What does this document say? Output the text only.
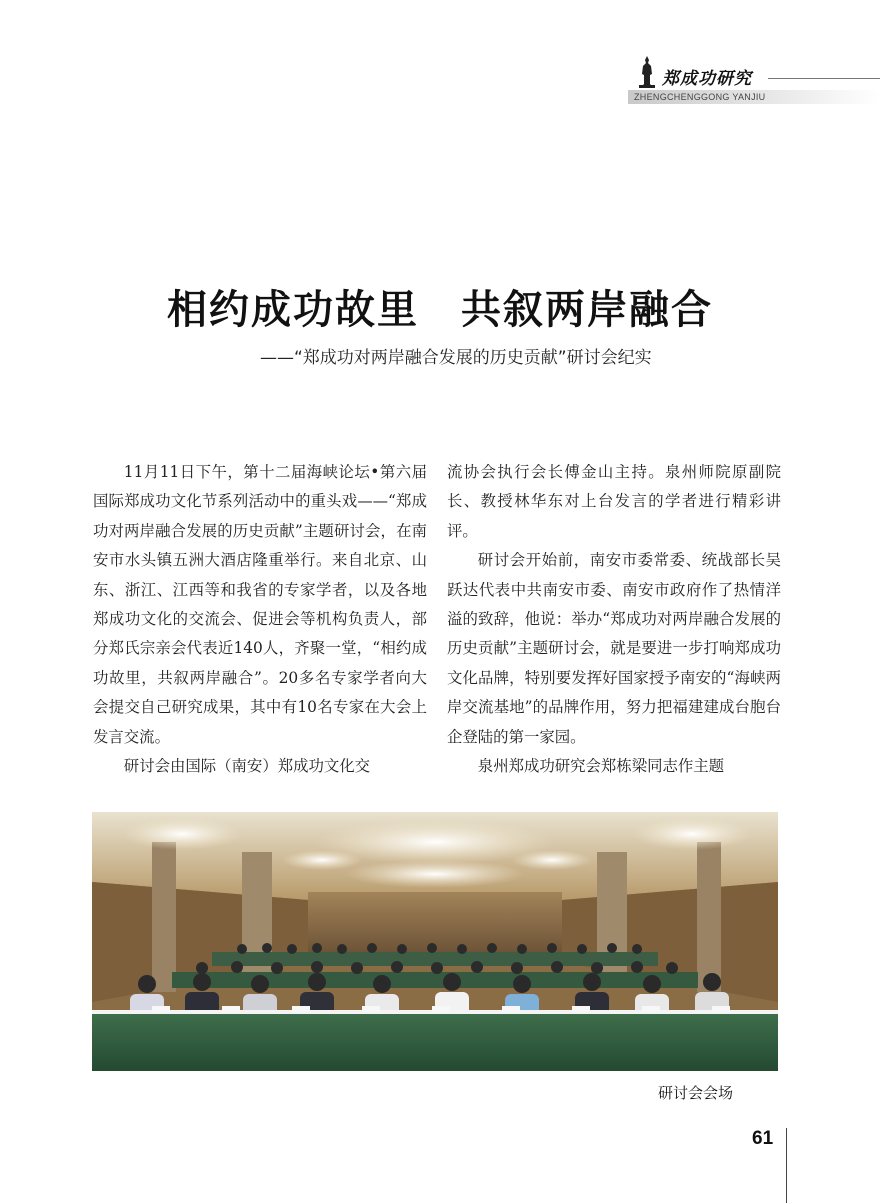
郑成功研究
ZHENGCHENGGONG YANJIU
相约成功故里　共叙两岸融合
——“郑成功对两岸融合发展的历史贡献”研讨会纪实

11月11日下午，第十二届海峡论坛•第六届国际郑成功文化节系列活动中的重头戏——“郑成功对两岸融合发展的历史贡献”主题研讨会，在南安市水头镇五洲大酒店隆重举行。来自北京、山东、浙江、江西等和我省的专家学者，以及各地郑成功文化的交流会、促进会等机构负责人，部分郑氏宗亲会代表近140人，齐聚一堂，“相约成功故里，共叙两岸融合”。20多名专家学者向大会提交自己研究成果，其中有10名专家在大会上发言交流。

研讨会由国际（南安）郑成功文化交

流协会执行会长傅金山主持。泉州师院原副院长、教授林华东对上台发言的学者进行精彩讲评。

研讨会开始前，南安市委常委、统战部长吴跃达代表中共南安市委、南安市政府作了热情洋溢的致辞，他说：举办“郑成功对两岸融合发展的历史贡献”主题研讨会，就是要进一步打响郑成功文化品牌，特别要发挥好国家授予南安的“海峡两岸交流基地”的品牌作用，努力把福建建成台胞台企登陆的第一家园。

泉州郑成功研究会郑栋梁同志作主题

研讨会会场
61
